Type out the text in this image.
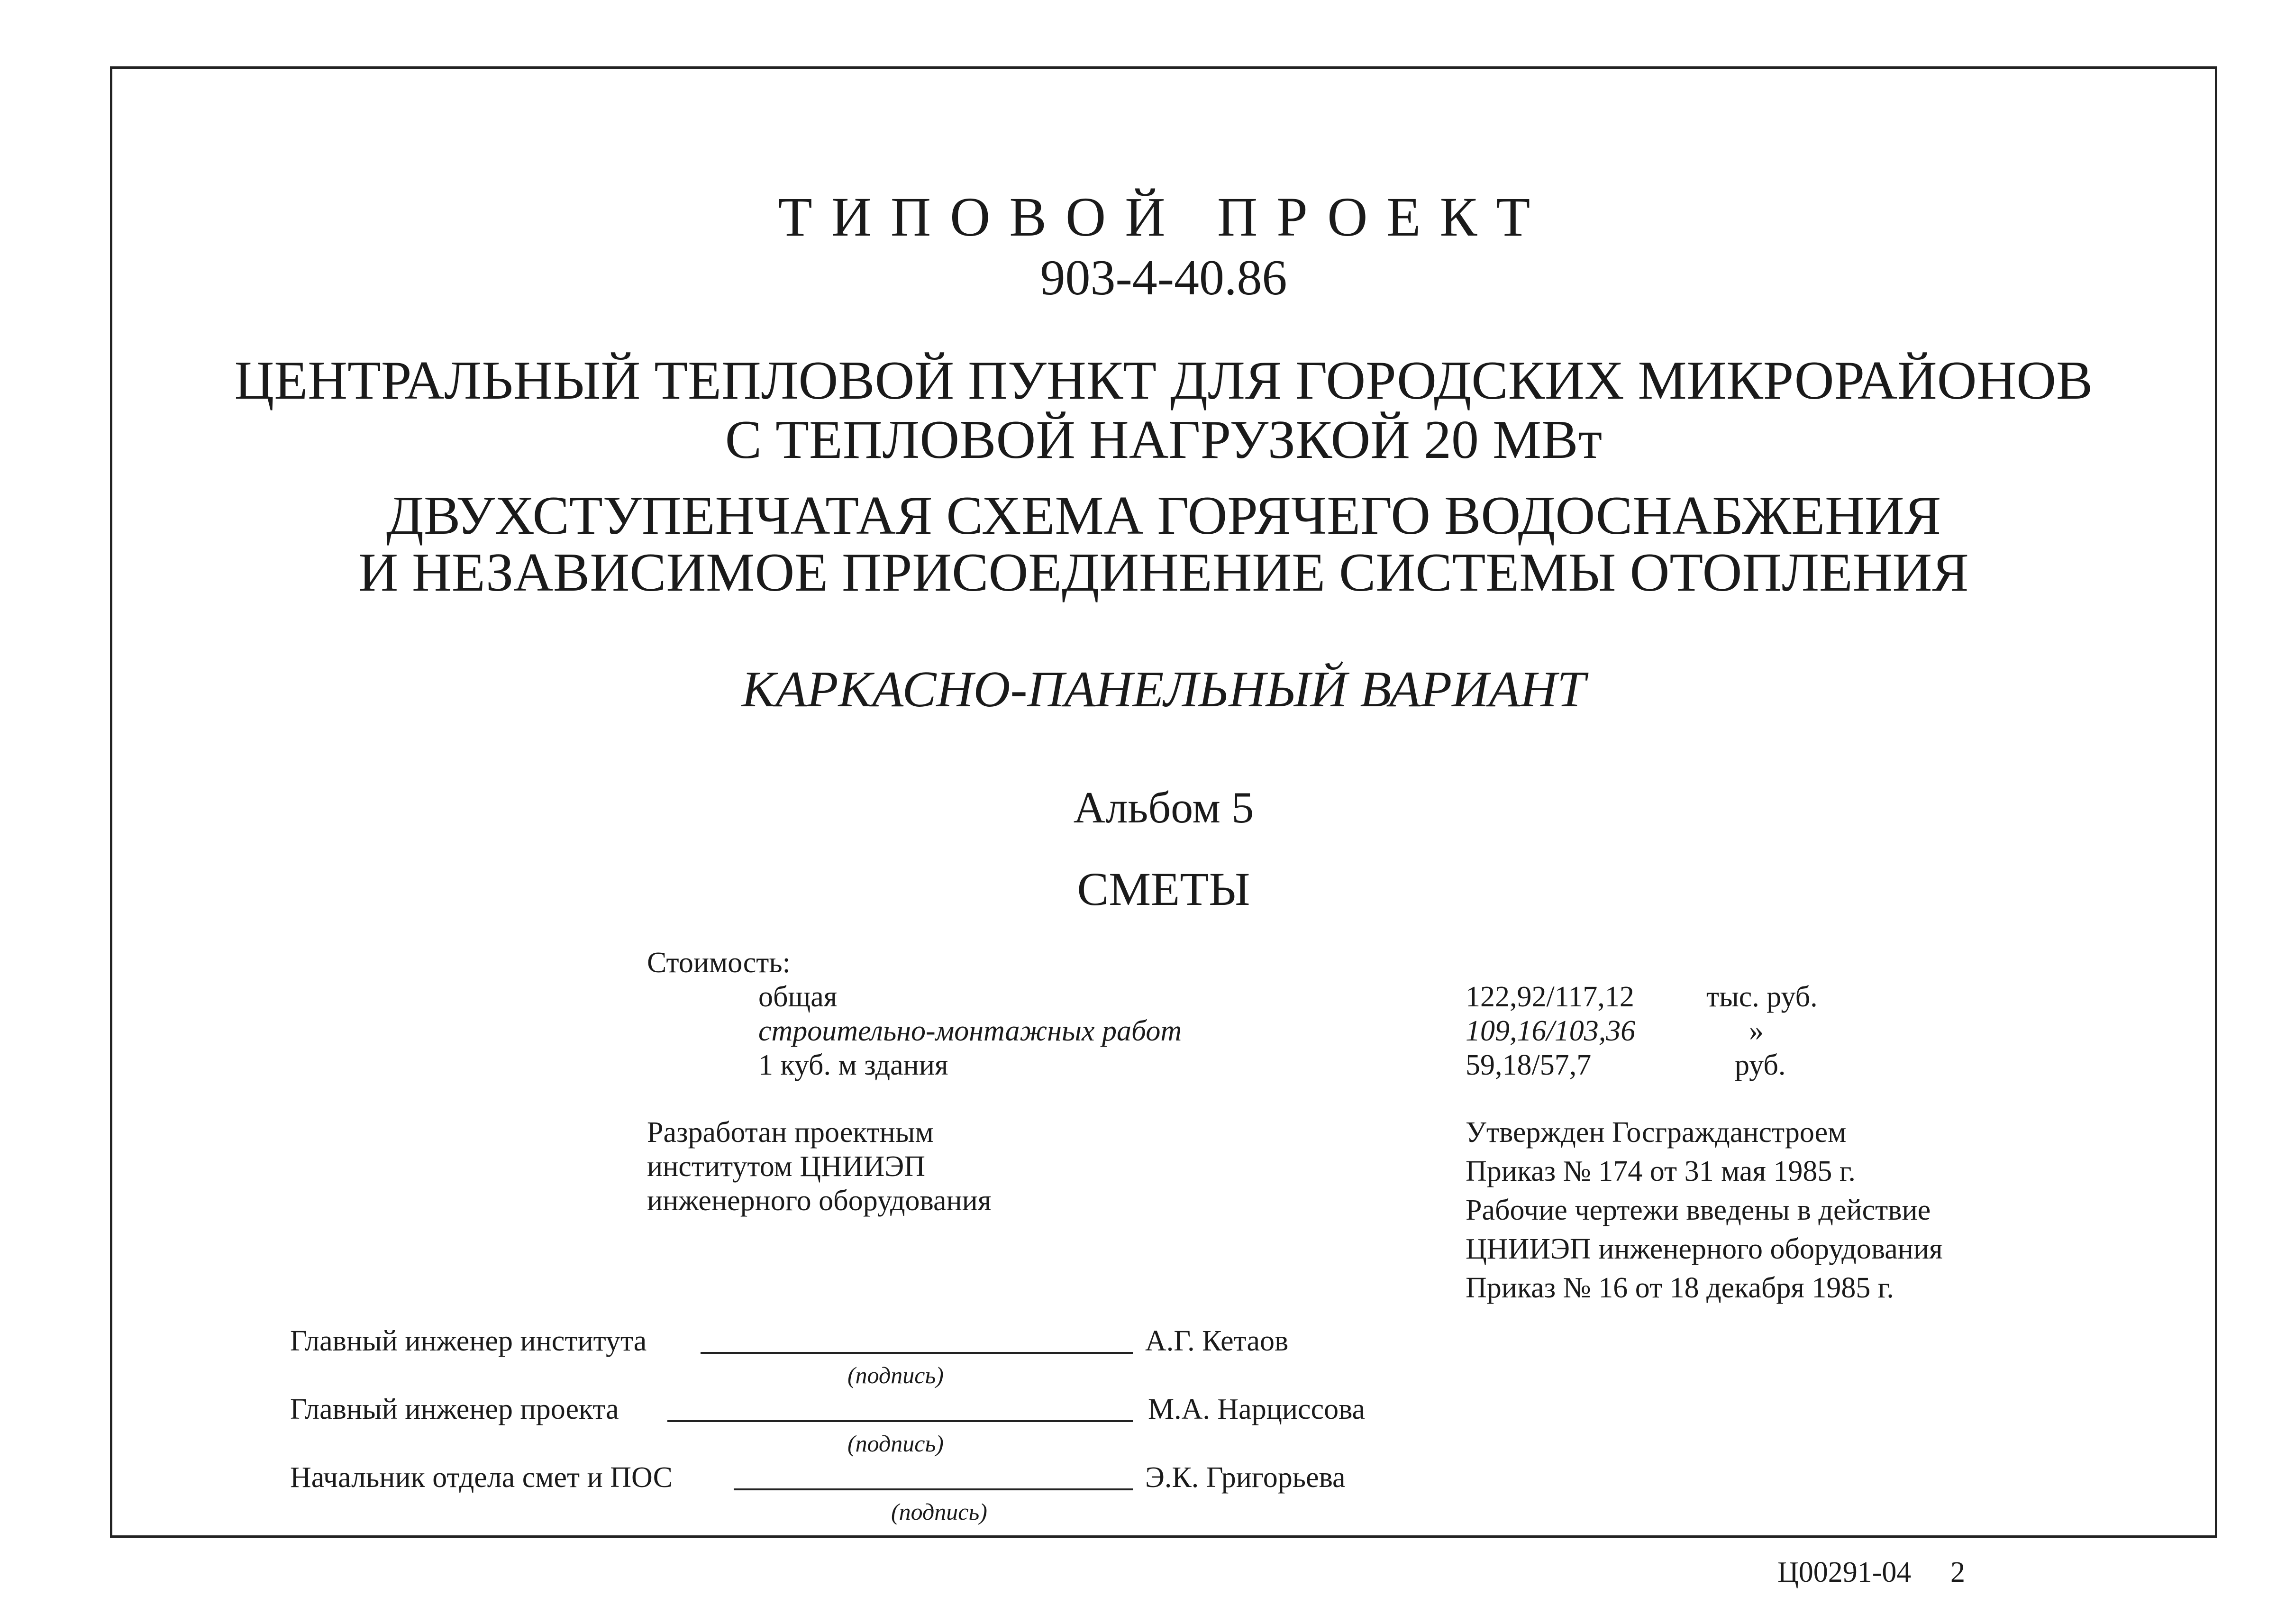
ТИПОВОЙ ПРОЕКТ
903-4-40.86
ЦЕНТРАЛЬНЫЙ ТЕПЛОВОЙ ПУНКТ ДЛЯ ГОРОДСКИХ МИКРОРАЙОНОВ
С ТЕПЛОВОЙ НАГРУЗКОЙ 20 МВт
ДВУХСТУПЕНЧАТАЯ СХЕМА ГОРЯЧЕГО ВОДОСНАБЖЕНИЯ
И НЕЗАВИСИМОЕ ПРИСОЕДИНЕНИЕ СИСТЕМЫ ОТОПЛЕНИЯ
КАРКАСНО-ПАНЕЛЬНЫЙ ВАРИАНТ
Альбом 5
СМЕТЫ
Стоимость:
общая	122,92/117,12 тыс. руб.
строительно-монтажных работ	109,16/103,36	»
1 куб. м здания	59,18/57,7	руб.
Разработан проектным
институтом ЦНИИЭП
инженерного оборудования
Утвержден Госгражданстроем
Приказ № 174 от 31 мая 1985 г.
Рабочие чертежи введены в действие
ЦНИИЭП инженерного оборудования
Приказ № 16 от 18 декабря 1985 г.
Главный инженер института	А.Г. Кетаов
(подпись)
Главный инженер проекта	М.А. Нарциссова
(подпись)
Начальник отдела смет и ПОС	Э.К. Григорьева
(подпись)
Ц00291-04 2
